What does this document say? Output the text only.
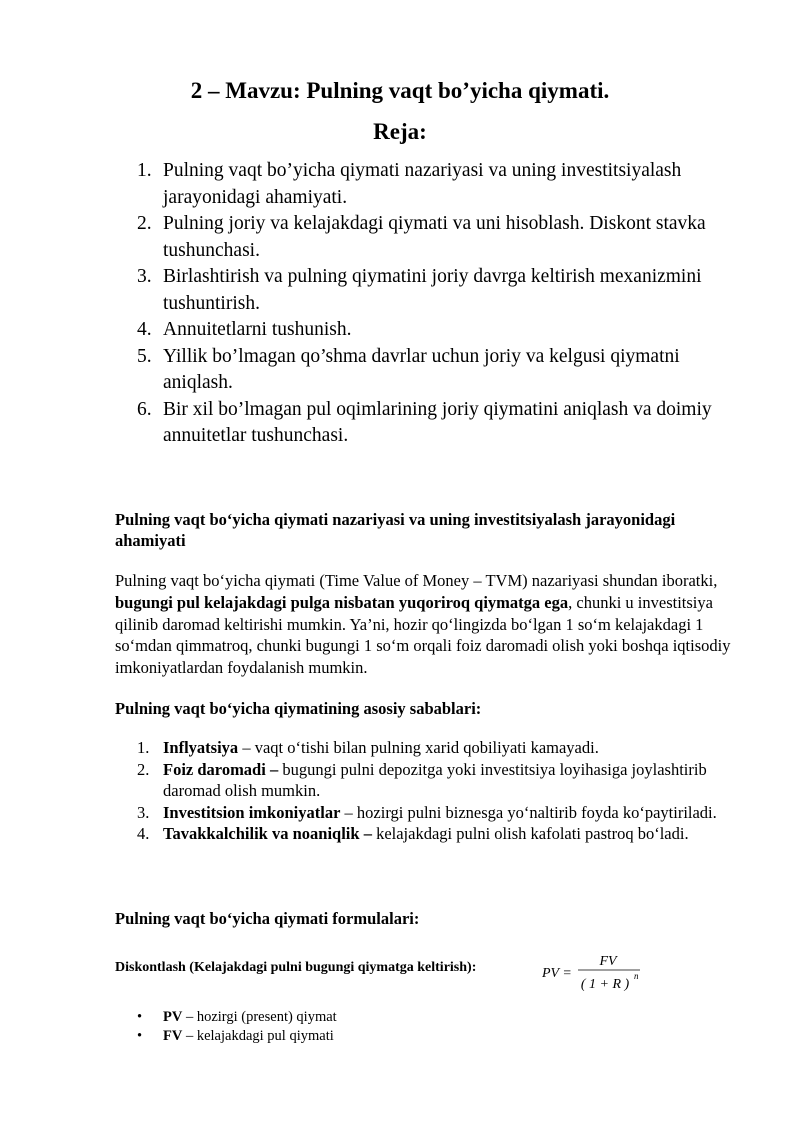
2 – Mavzu: Pulning vaqt bo’yicha qiymati.
Reja:
1. Pulning vaqt bo’yicha qiymati nazariyasi va uning investitsiyalash jarayonidagi ahamiyati.
2. Pulning joriy va kelajakdagi qiymati va uni hisoblash. Diskont stavka tushunchasi.
3. Birlashtirish va pulning qiymatini joriy davrga keltirish mexanizmini tushuntirish.
4. Annuitetlarni tushunish.
5. Yillik bo’lmagan qo’shma davrlar uchun joriy va kelgusi qiymatni aniqlash.
6. Bir xil bo’lmagan pul oqimlarining joriy qiymatini aniqlash va doimiy annuitetlar tushunchasi.
Pulning vaqt bo‘yicha qiymati nazariyasi va uning investitsiyalash jarayonidagi ahamiyati

Pulning vaqt bo‘yicha qiymati (Time Value of Money – TVM) nazariyasi shundan iboratki, bugungi pul kelajakdagi pulga nisbatan yuqoriroq qiymatga ega, chunki u investitsiya qilinib daromad keltirishi mumkin. Ya’ni, hozir qo‘lingizda bo‘lgan 1 so‘m kelajakdagi 1 so‘mdan qimmatroq, chunki bugungi 1 so‘m orqali foiz daromadi olish yoki boshqa iqtisodiy imkoniyatlardan foydalanish mumkin.

Pulning vaqt bo‘yicha qiymatining asosiy sabablari:
1. Inflyatsiya – vaqt o‘tishi bilan pulning xarid qobiliyati kamayadi.
2. Foiz daromadi – bugungi pulni depozitga yoki investitsiya loyihasiga joylashtirib daromad olish mumkin.
3. Investitsion imkoniyatlar – hozirgi pulni biznesga yo‘naltirib foyda ko‘paytiriladi.
4. Tavakkalchilik va noaniqlik – kelajakdagi pulni olish kafolati pastroq bo‘ladi.
Pulning vaqt bo‘yicha qiymati formulalari:
Diskontlash (Kelajakdagi pulni bugungi qiymatga keltirish):	PV =
FV
( 1 + R )
n
• PV – hozirgi (present) qiymat
• FV – kelajakdagi pul qiymati
